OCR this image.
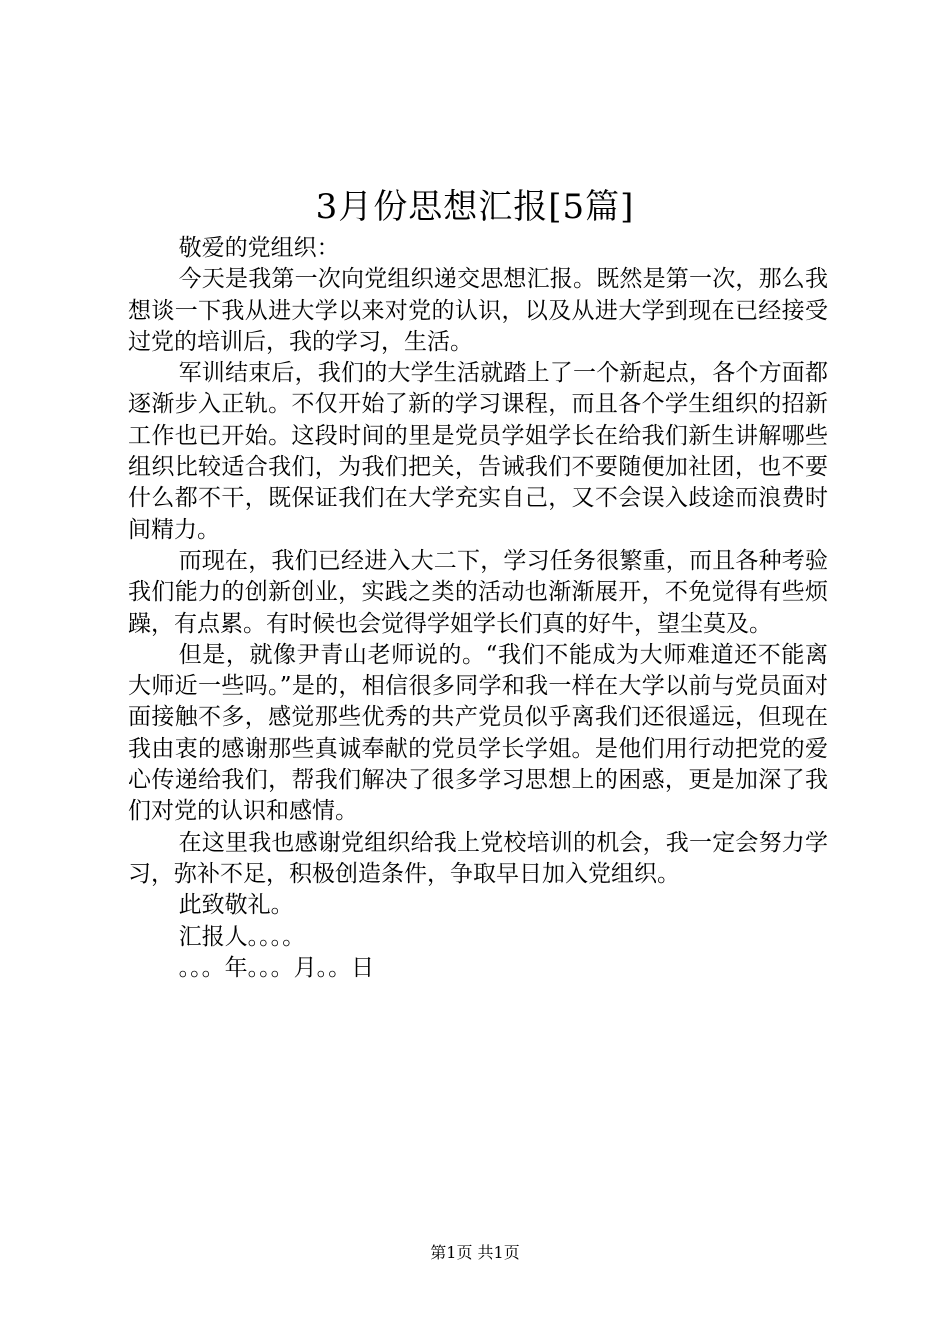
3月份思想汇报[5篇]

敬爱的党组织：

今天是我第一次向党组织递交思想汇报。既然是第一次，那么我想谈一下我从进大学以来对党的认识，以及从进大学到现在已经接受过党的培训后，我的学习，生活。

军训结束后，我们的大学生活就踏上了一个新起点，各个方面都逐渐步入正轨。不仅开始了新的学习课程，而且各个学生组织的招新工作也已开始。这段时间的里是党员学姐学长在给我们新生讲解哪些组织比较适合我们，为我们把关，告诫我们不要随便加社团，也不要什么都不干，既保证我们在大学充实自己，又不会误入歧途而浪费时间精力。

而现在，我们已经进入大二下，学习任务很繁重，而且各种考验我们能力的创新创业，实践之类的活动也渐渐展开，不免觉得有些烦躁，有点累。有时候也会觉得学姐学长们真的好牛，望尘莫及。

但是，就像尹青山老师说的。“我们不能成为大师难道还不能离大师近一些吗。”是的，相信很多同学和我一样在大学以前与党员面对面接触不多，感觉那些优秀的共产党员似乎离我们还很遥远，但现在我由衷的感谢那些真诚奉献的党员学长学姐。是他们用行动把党的爱心传递给我们，帮我们解决了很多学习思想上的困惑，更是加深了我们对党的认识和感情。

在这里我也感谢党组织给我上党校培训的机会，我一定会努力学习，弥补不足，积极创造条件，争取早日加入党组织。

此致敬礼。

汇报人。。。。

。。。年。。。月。。日

第1页 共1页
